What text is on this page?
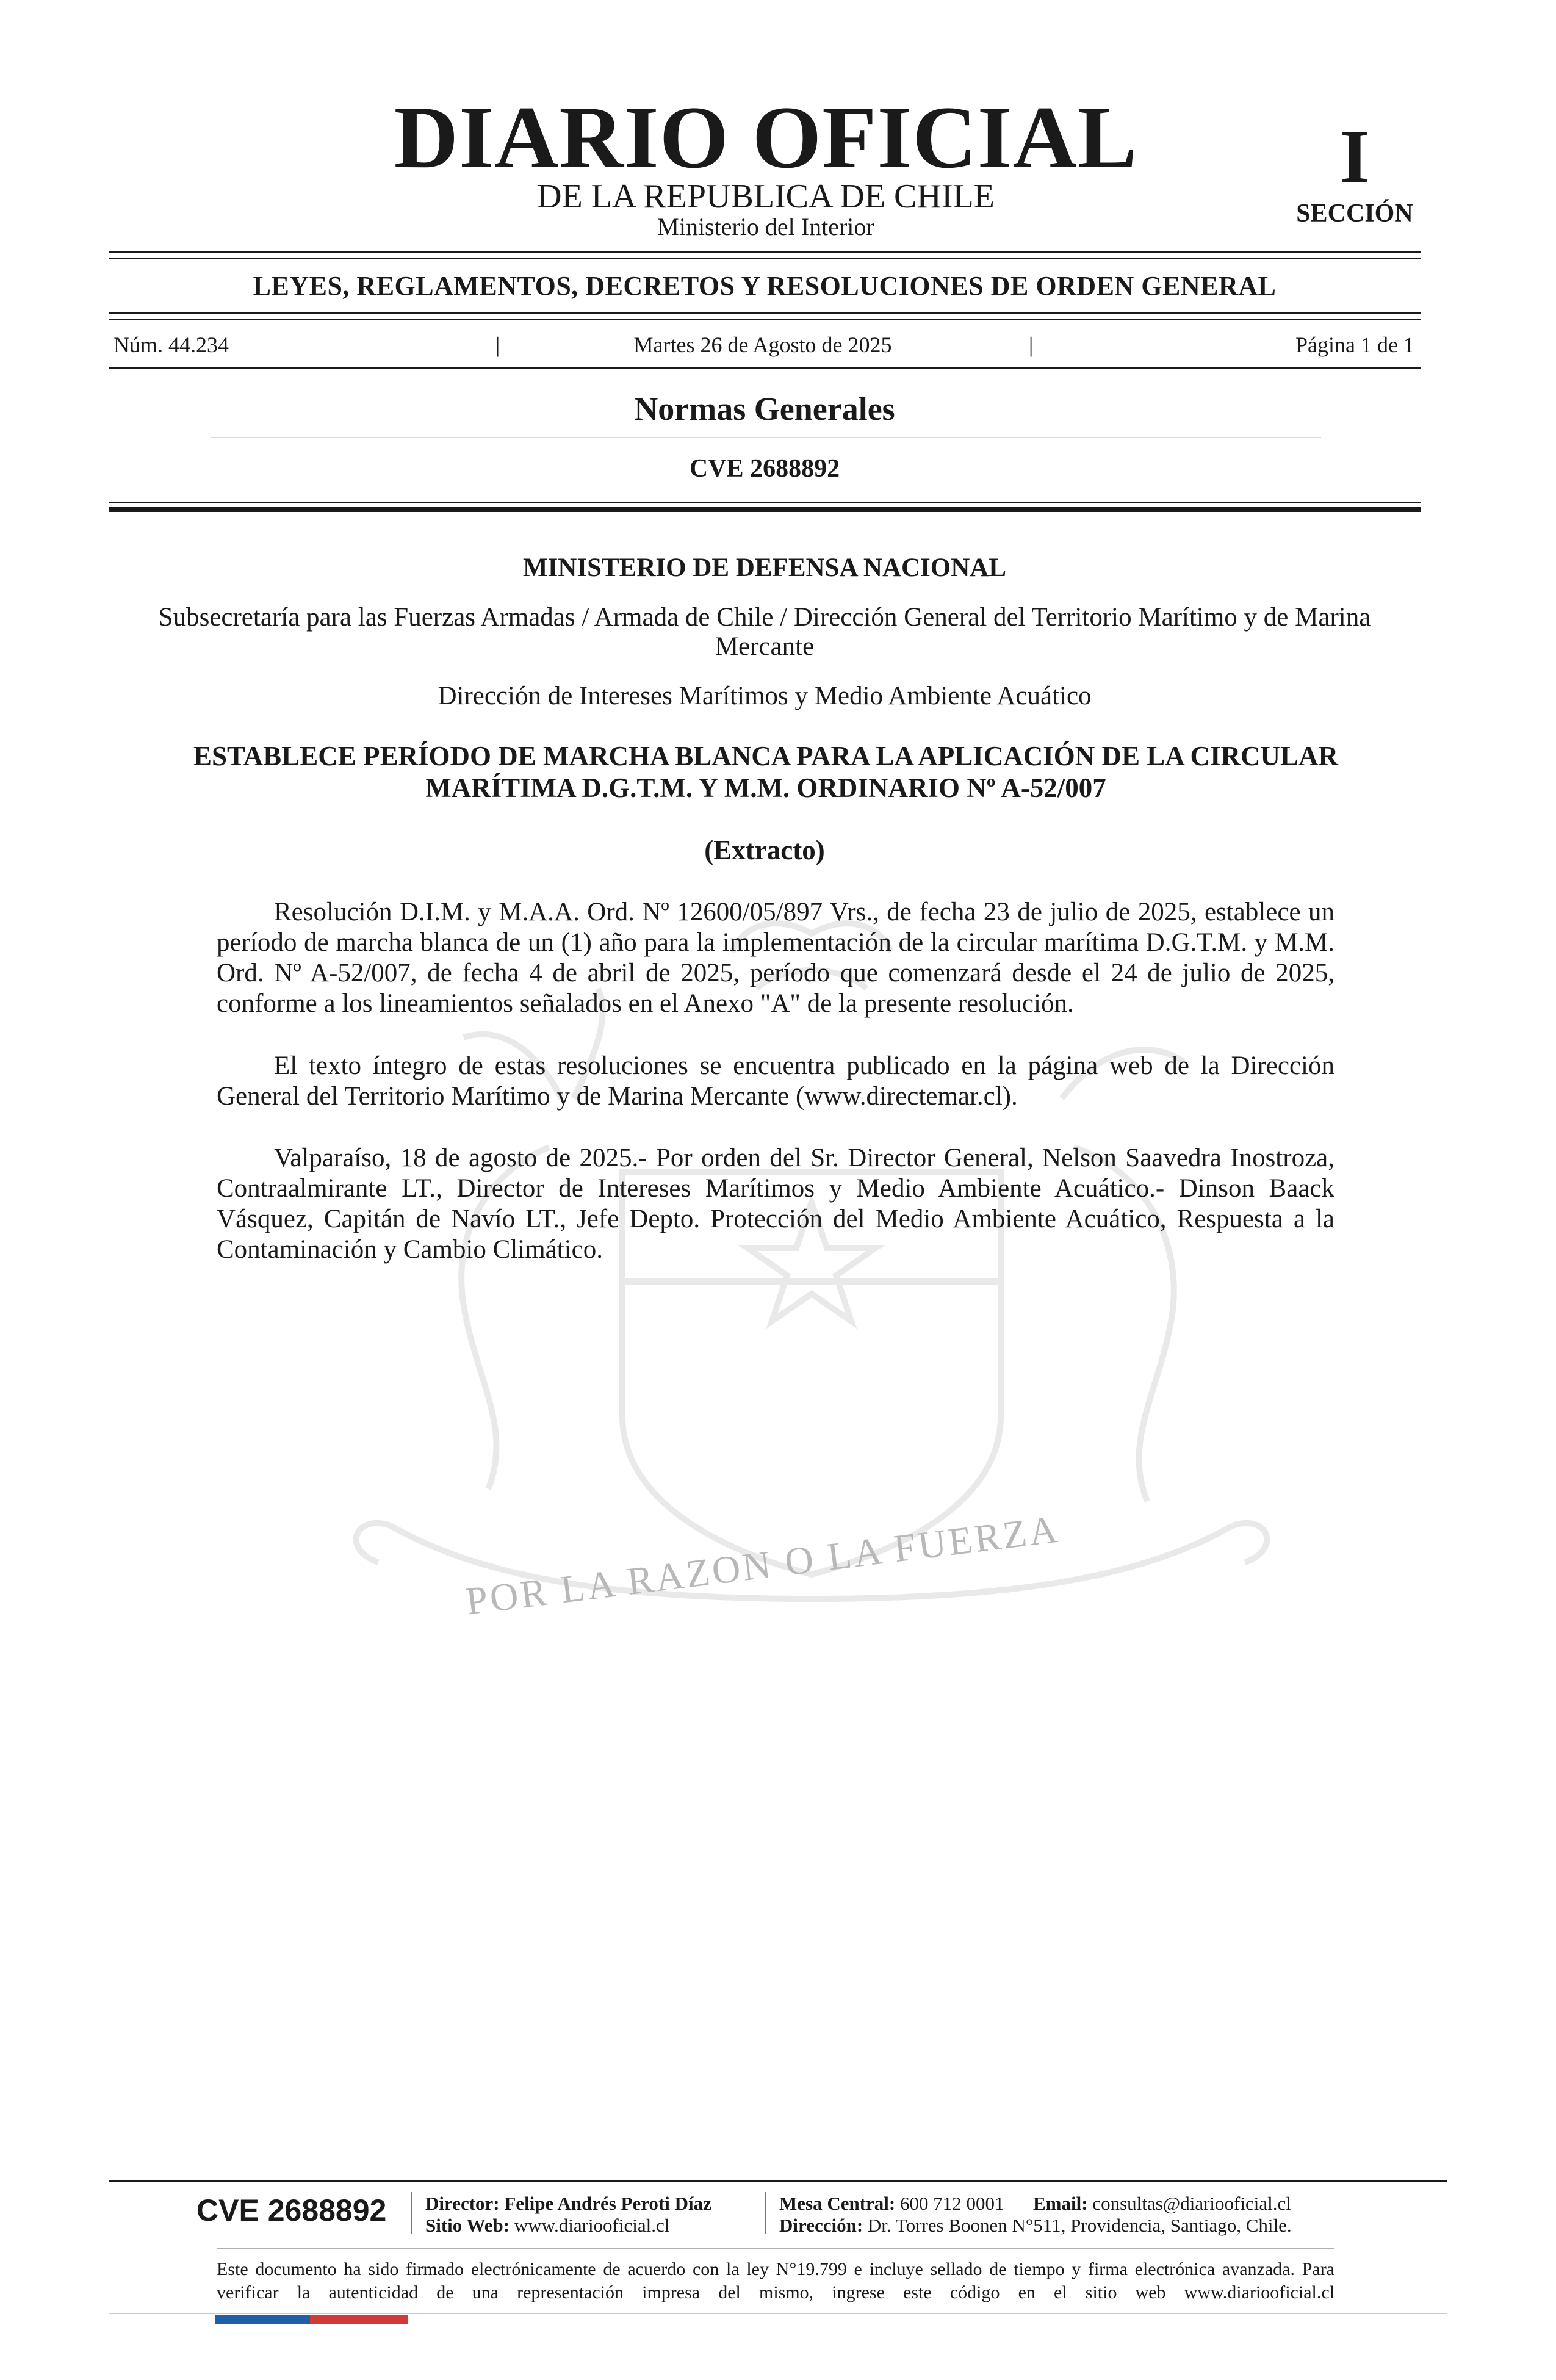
POR LA RAZON O LA FUERZA
DIARIO OFICIAL
DE LA REPUBLICA DE CHILE
Ministerio del Interior
I
SECCIÓN
LEYES, REGLAMENTOS, DECRETOS Y RESOLUCIONES DE ORDEN GENERAL
Núm. 44.234	|	Martes 26 de Agosto de 2025	|	Página 1 de 1
Normas Generales
CVE 2688892
MINISTERIO DE DEFENSA NACIONAL
Subsecretaría para las Fuerzas Armadas / Armada de Chile / Dirección General del Territorio Marítimo y de Marina Mercante
Dirección de Intereses Marítimos y Medio Ambiente Acuático
ESTABLECE PERÍODO DE MARCHA BLANCA PARA LA APLICACIÓN DE LA CIRCULAR MARÍTIMA D.G.T.M. Y M.M. ORDINARIO Nº A-52/007
(Extracto)
Resolución D.I.M. y M.A.A. Ord. Nº 12600/05/897 Vrs., de fecha 23 de julio de 2025, establece un período de marcha blanca de un (1) año para la implementación de la circular marítima D.G.T.M. y M.M. Ord. Nº A-52/007, de fecha 4 de abril de 2025, período que comenzará desde el 24 de julio de 2025, conforme a los lineamientos señalados en el Anexo "A" de la presente resolución.
El texto íntegro de estas resoluciones se encuentra publicado en la página web de la Dirección General del Territorio Marítimo y de Marina Mercante (www.directemar.cl).
Valparaíso, 18 de agosto de 2025.- Por orden del Sr. Director General, Nelson Saavedra Inostroza, Contraalmirante LT., Director de Intereses Marítimos y Medio Ambiente Acuático.- Dinson Baack Vásquez, Capitán de Navío LT., Jefe Depto. Protección del Medio Ambiente Acuático, Respuesta a la Contaminación y Cambio Climático.
CVE 2688892 Director: Felipe Andrés Peroti Díaz
Sitio Web: www.diariooficial.cl
Mesa Central: 600 712 0001 Email: consultas@diariooficial.cl
Dirección: Dr. Torres Boonen N°511, Providencia, Santiago, Chile.
Este documento ha sido firmado electrónicamente de acuerdo con la ley N°19.799 e incluye sellado de tiempo y firma electrónica avanzada. Para verificar la autenticidad de una representación impresa del mismo, ingrese este código en el sitio web www.diariooficial.cl
